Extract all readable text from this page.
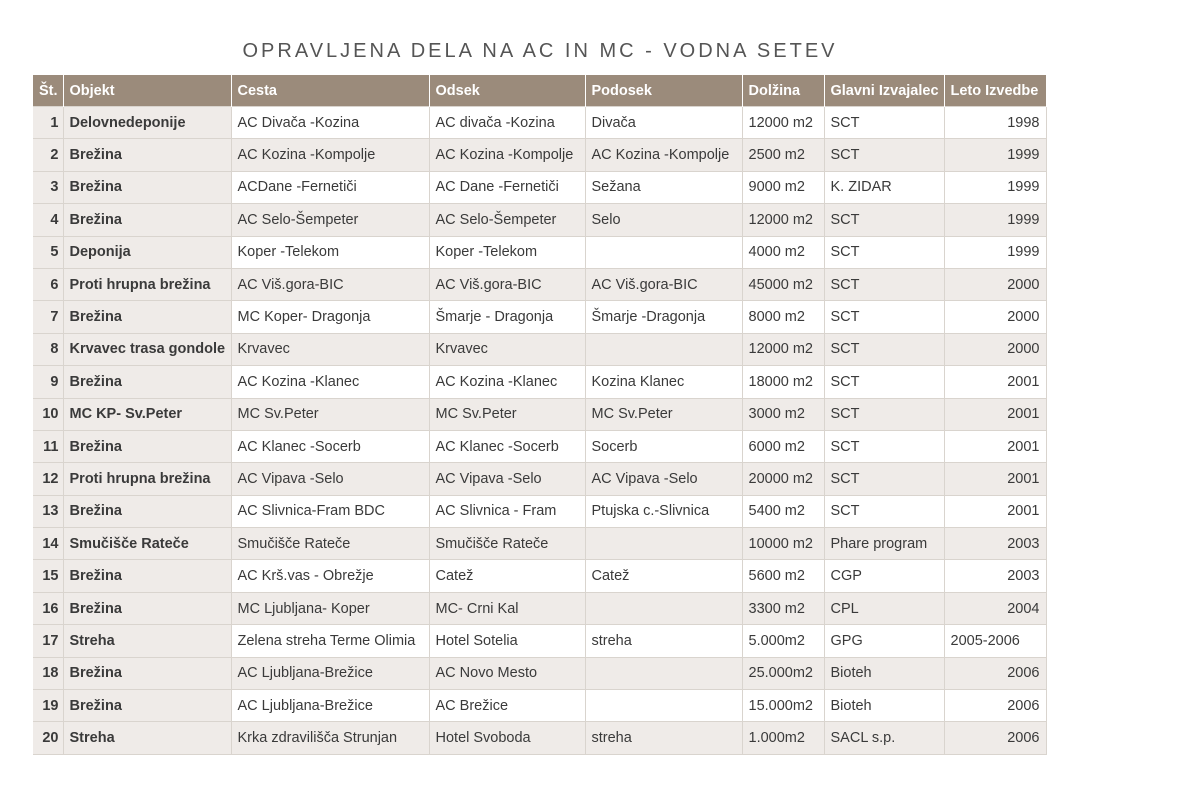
OPRAVLJENA DELA NA AC IN MC - VODNA SETEV
Št.	Objekt	Cesta	Odsek	Podosek	Dolžina	Glavni Izvajalec	Leto Izvedbe
1	Delovnedeponije	AC Divača -Kozina	AC divača -Kozina	Divača	12000 m2	SCT	1998
2	Brežina	AC Kozina -Kompolje	AC Kozina -Kompolje	AC Kozina -Kompolje	2500 m2	SCT	1999
3	Brežina	ACDane -Fernetiči	AC Dane -Fernetiči	Sežana	9000 m2	K. ZIDAR	1999
4	Brežina	AC Selo-Šempeter	AC Selo-Šempeter	Selo	12000 m2	SCT	1999
5	Deponija	Koper -Telekom	Koper -Telekom		4000 m2	SCT	1999
6	Proti hrupna brežina	AC Viš.gora-BIC	AC Viš.gora-BIC	AC Viš.gora-BIC	45000 m2	SCT	2000
7	Brežina	MC Koper- Dragonja	Šmarje - Dragonja	Šmarje -Dragonja	8000 m2	SCT	2000
8	Krvavec trasa gondole	Krvavec	Krvavec		12000 m2	SCT	2000
9	Brežina	AC Kozina -Klanec	AC Kozina -Klanec	Kozina Klanec	18000 m2	SCT	2001
10	MC KP- Sv.Peter	MC Sv.Peter	MC Sv.Peter	MC Sv.Peter	3000 m2	SCT	2001
11	Brežina	AC Klanec -Socerb	AC Klanec -Socerb	Socerb	6000 m2	SCT	2001
12	Proti hrupna brežina	AC Vipava -Selo	AC Vipava -Selo	AC Vipava -Selo	20000 m2	SCT	2001
13	Brežina	AC Slivnica-Fram BDC	AC Slivnica - Fram	Ptujska c.-Slivnica	5400 m2	SCT	2001
14	Smučišče Rateče	Smučišče Rateče	Smučišče Rateče		10000 m2	Phare program	2003
15	Brežina	AC Krš.vas - Obrežje	Catež	Catež	5600 m2	CGP	2003
16	Brežina	MC Ljubljana- Koper	MC- Crni Kal		3300 m2	CPL	2004
17	Streha	Zelena streha Terme Olimia	Hotel Sotelia	streha	5.000m2	GPG	2005-2006
18	Brežina	AC Ljubljana-Brežice	AC Novo Mesto		25.000m2	Bioteh	2006
19	Brežina	AC Ljubljana-Brežice	AC Brežice		15.000m2	Bioteh	2006
20	Streha	Krka zdravilišča Strunjan	Hotel Svoboda	streha	1.000m2	SACL s.p.	2006
